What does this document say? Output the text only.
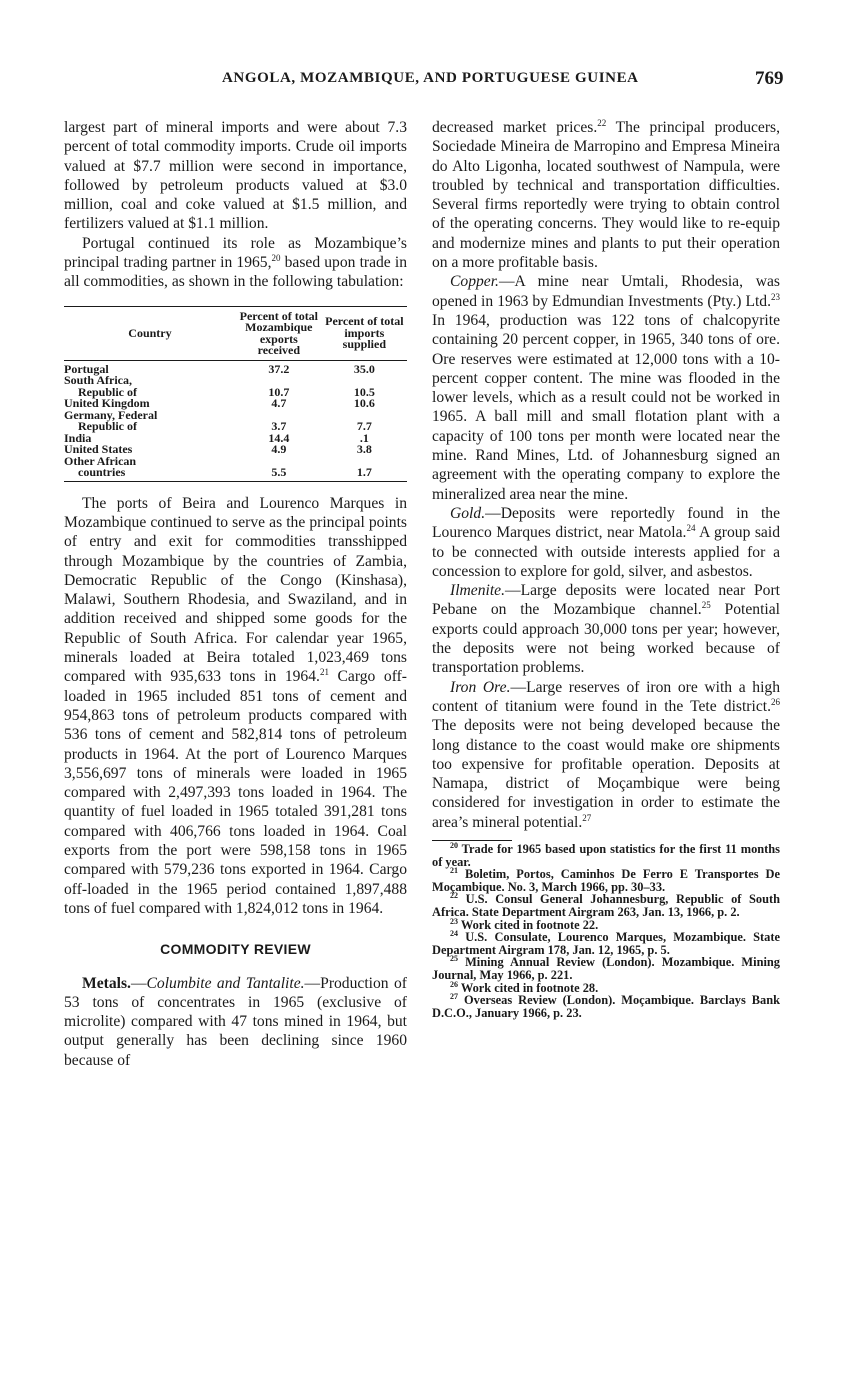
ANGOLA, MOZAMBIQUE, AND PORTUGUESE GUINEA	769

largest part of mineral imports and were about 7.3 percent of total commodity imports. Crude oil imports valued at $7.7 million were second in importance, followed by petroleum products valued at $3.0 million, coal and coke valued at $1.5 million, and fertilizers valued at $1.1 million.

Portugal continued its role as Mozambique’s principal trading partner in 1965,20 based upon trade in all commodities, as shown in the following tabulation:

Country	Percent of total Mozambique exports received	Percent of total imports supplied
Portugal	37.2	35.0
South Africa,
Republic of	10.7	10.5
United Kingdom	4.7	10.6
Germany, Federal
Republic of	3.7	7.7
India	14.4	.1
United States	4.9	3.8
Other African
countries	5.5	1.7

The ports of Beira and Lourenco Marques in Mozambique continued to serve as the principal points of entry and exit for commodities transshipped through Mozambique by the countries of Zambia, Democratic Republic of the Congo (Kinshasa), Malawi, Southern Rhodesia, and Swaziland, and in addition received and shipped some goods for the Republic of South Africa. For calendar year 1965, minerals loaded at Beira totaled 1,023,469 tons compared with 935,633 tons in 1964.21 Cargo off-loaded in 1965 included 851 tons of cement and 954,863 tons of petroleum products compared with 536 tons of cement and 582,814 tons of petroleum products in 1964. At the port of Lourenco Marques 3,556,697 tons of minerals were loaded in 1965 compared with 2,497,393 tons loaded in 1964. The quantity of fuel loaded in 1965 totaled 391,281 tons compared with 406,766 tons loaded in 1964. Coal exports from the port were 598,158 tons in 1965 compared with 579,236 tons exported in 1964. Cargo off-loaded in the 1965 period contained 1,897,488 tons of fuel compared with 1,824,012 tons in 1964.

COMMODITY REVIEW

Metals.—Columbite and Tantalite.—Production of 53 tons of concentrates in 1965 (exclusive of microlite) compared with 47 tons mined in 1964, but output generally has been declining since 1960 because of

decreased market prices.$^{22}$ The principal producers, Sociedade Mineira de Marropino and Empresa Mineira do Alto Ligonha, located southwest of Nampula, were troubled by technical and transportation difficulties. Several firms reportedly were trying to obtain control of the operating concerns. They would like to re-equip and modernize mines and plants to put their operation on a more profitable basis.

Copper.—A mine near Umtali, Rhodesia, was opened in 1963 by Edmundian Investments (Pty.) Ltd.$^{23}$ In 1964, production was 122 tons of chalcopyrite containing 20 percent copper, in 1965, 340 tons of ore. Ore reserves were estimated at 12,000 tons with a 10-percent copper content. The mine was flooded in the lower levels, which as a result could not be worked in 1965. A ball mill and small flotation plant with a capacity of 100 tons per month were located near the mine. Rand Mines, Ltd. of Johannesburg signed an agreement with the operating company to explore the mineralized area near the mine.

Gold.—Deposits were reportedly found in the Lourenco Marques district, near Matola.$^{24}$ A group said to be connected with outside interests applied for a concession to explore for gold, silver, and asbestos.

Ilmenite.—Large deposits were located near Port Pebane on the Mozambique channel.$^{25}$ Potential exports could approach 30,000 tons per year; however, the deposits were not being worked because of transportation problems.

Iron Ore.—Large reserves of iron ore with a high content of titanium were found in the Tete district.$^{26}$ The deposits were not being developed because the long distance to the coast would make ore shipments too expensive for profitable operation. Deposits at Namapa, district of Moçambique were being considered for investigation in order to estimate the area’s mineral potential.$^{27}$

$^{20}$ Trade for 1965 based upon statistics for the first 11 months of year.

$^{21}$ Boletim, Portos, Caminhos De Ferro E Transportes De Moçambique. No. 3, March 1966, pp. 30–33.

$^{22}$ U.S. Consul General Johannesburg, Republic of South Africa. State Department Airgram 263, Jan. 13, 1966, p. 2.

$^{23}$ Work cited in footnote 22.

$^{24}$ U.S. Consulate, Lourenco Marques, Mozambique. State Department Airgram 178, Jan. 12, 1965, p. 5.

$^{25}$ Mining Annual Review (London). Mozambique. Mining Journal, May 1966, p. 221.

$^{26}$ Work cited in footnote 28.

$^{27}$ Overseas Review (London). Moçambique. Barclays Bank D.C.O., January 1966, p. 23.
